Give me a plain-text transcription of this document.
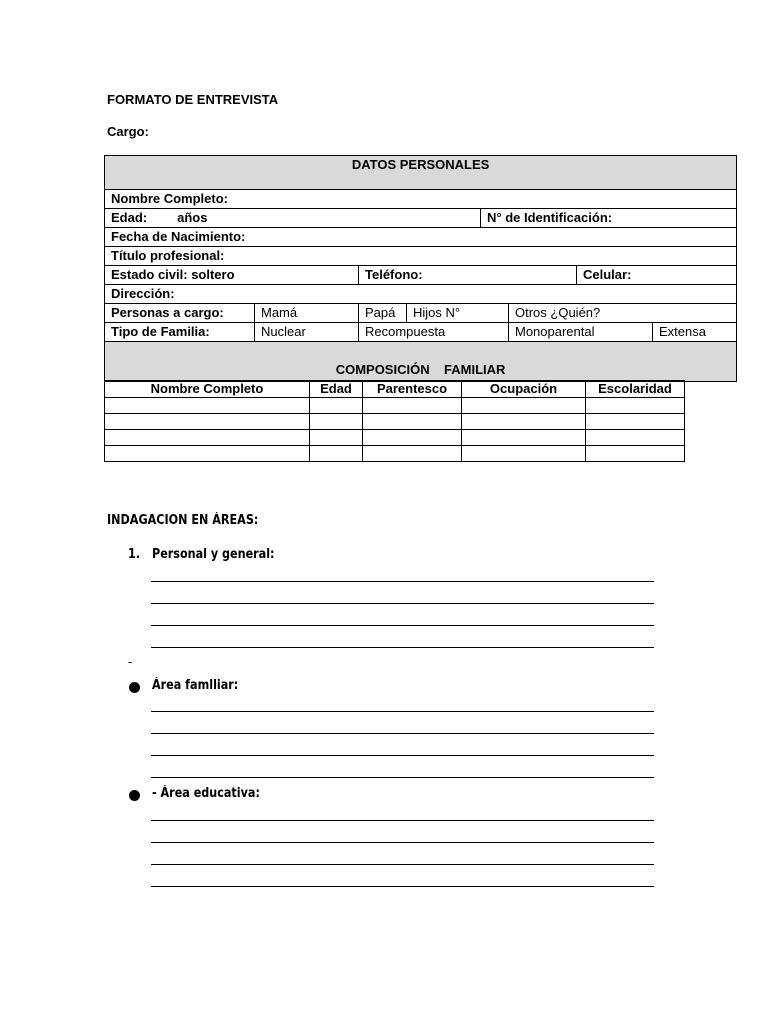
FORMATO DE ENTREVISTA
Cargo:
DATOS PERSONALES							
Nombre Completo:							
Edad: años				N° de Identificación:			
Fecha de Nacimiento:							
Título profesional:							
Estado civil: soltero		Teléfono:				Celular:	
Dirección:							
Personas a cargo:	Mamá	Papá	Hijos N°		Otros ¿Quién?		
Tipo de Familia:	Nuclear	Recompuesta			Monoparental		Extensa
COMPOSICIÓN    FAMILIAR							
Nombre Completo	Edad	Parentesco	Ocupación	Escolaridad

INDAGACION EN ÁREAS:
1. Personal y general:
-
Área famlliar:
- Área educativa:
